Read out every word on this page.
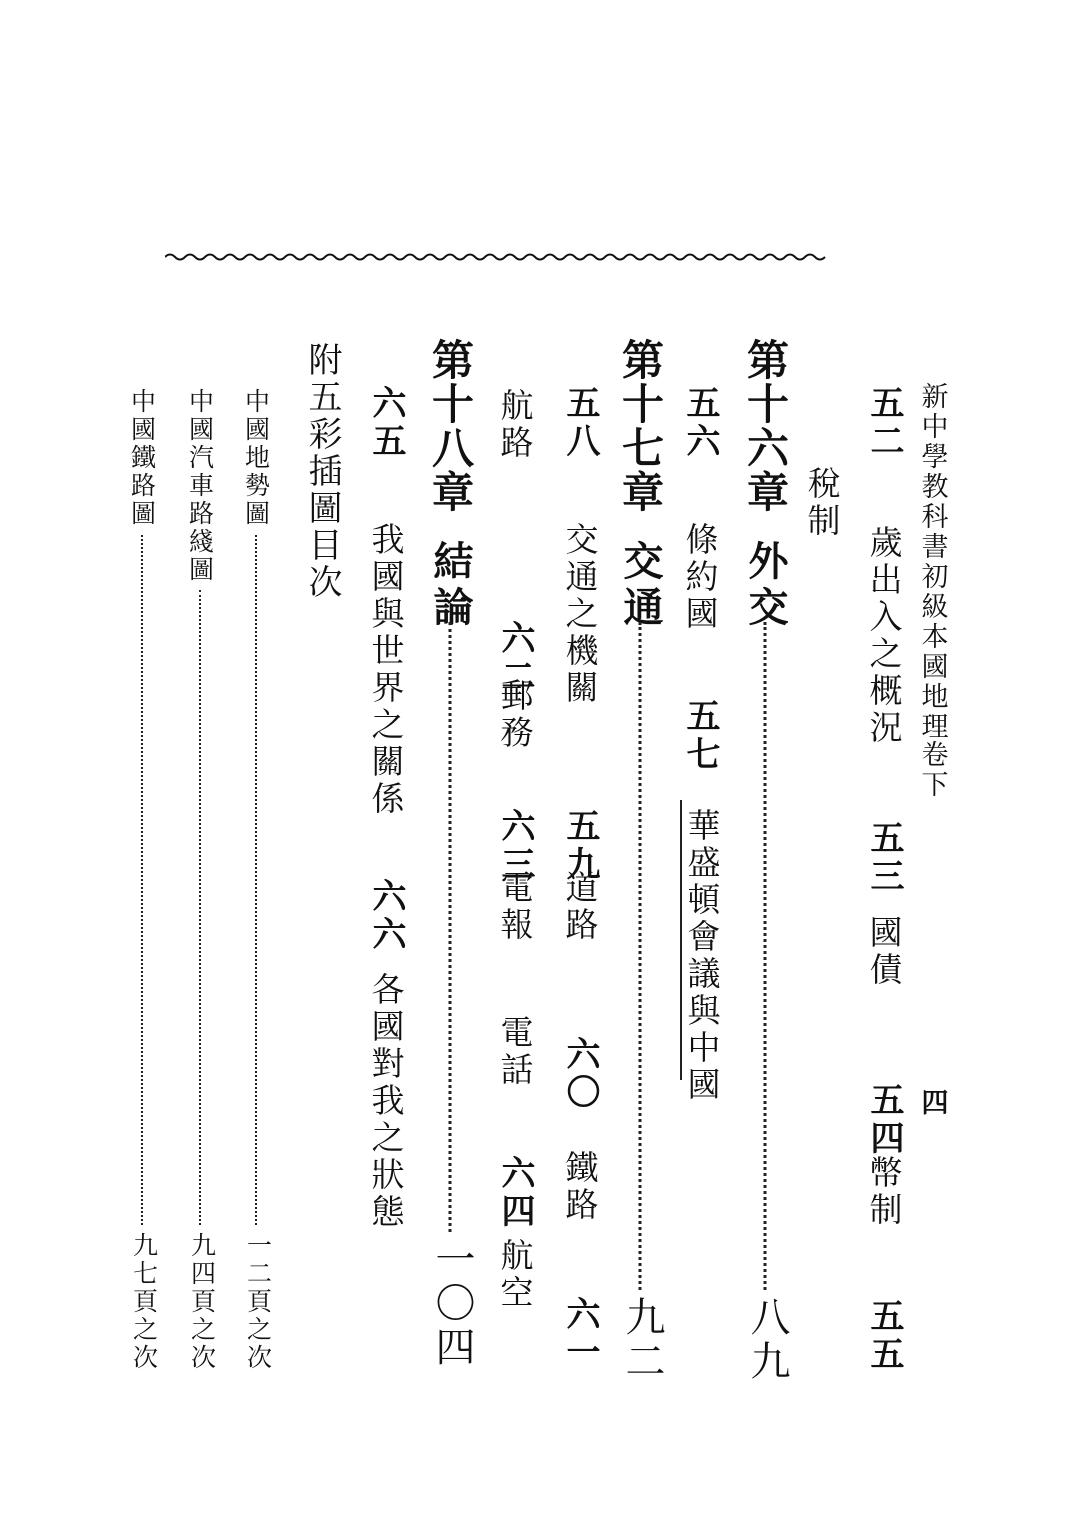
新中學教科書
初級本國地理
卷下
四
五二
歲出入之概況
五三
國債
五四
幣制
五五
稅制
第十六章
外交
八九
五六
條約國
五七
華盛頓會議與中國
第十七章
交通
九二
五八
交通之機關
五九
道路
六〇
鐵路
六一
航路
六二
郵務
六三
電報
電話
六四
航空
第十八章
結論
一〇四
六五
我國與世界之關係
六六
各國對我之狀態
附五彩插圖目次
中國地勢圖
一二頁之次
中國汽車路綫圖
九四頁之次
中國鐵路圖
九七頁之次
